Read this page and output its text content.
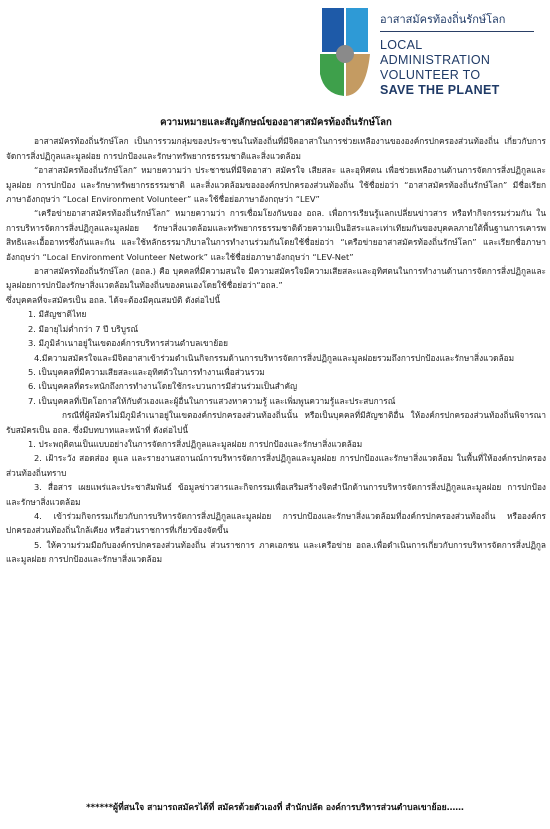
อาสาสมัครท้องถิ่นรักษ์โลก
LOCAL
ADMINISTRATION
VOLUNTEER TO
SAVE THE PLANET
ความหมายและสัญลักษณ์ของอาสาสมัครท้องถิ่นรักษ์โลก

อาสาสมัครท้องถิ่นรักษ์โลก เป็นการรวมกลุ่มของประชาชนในท้องถิ่นที่มีจิตอาสาในการช่วยเหลืองานขององค์กรปกครองส่วนท้องถิ่น เกี่ยวกับการจัดการสิ่งปฏิกูลและมูลฝอย การปกป้องและรักษาทรัพยากรธรรมชาติและสิ่งแวดล้อม

“อาสาสมัครท้องถิ่นรักษ์โลก” หมายความว่า ประชาชนที่มีจิตอาสา สมัครใจ เสียสละ และอุทิศตน เพื่อช่วยเหลืองานด้านการจัดการสิ่งปฏิกูลและมูลฝอย การปกป้อง และรักษาทรัพยากรธรรมชาติ และสิ่งแวดล้อมขององค์กรปกครองส่วนท้องถิ่น ใช้ชื่อย่อว่า “อาสาสมัครท้องถิ่นรักษ์โลก” มีชื่อเรียกภาษาอังกฤษว่า “Local Environment Volunteer” และใช้ชื่อย่อภาษาอังกฤษว่า “LEV”

“เครือข่ายอาสาสมัครท้องถิ่นรักษ์โลก” หมายความว่า การเชื่อมโยงกันของ อถล. เพื่อการเรียนรู้แลกเปลี่ยนข่าวสาร หรือทำกิจกรรมร่วมกัน ในการบริหารจัดการสิ่งปฏิกูลและมูลฝอย รักษาสิ่งแวดล้อมและทรัพยากรธรรมชาติด้วยความเป็นอิสระและเท่าเทียมกันของบุคคลภายใต้พื้นฐานการเคารพสิทธิและเอื้ออาทรซึ่งกันและกัน และใช้หลักธรรมาภิบาลในการทำงานร่วมกันโดยใช้ชื่อย่อว่า “เครือข่ายอาสาสมัครท้องถิ่นรักษ์โลก” และเรียกชื่อภาษาอังกฤษว่า “Local Environment Volunteer Network” และใช้ชื่อย่อภาษาอังกฤษว่า “LEV-Net”

อาสาสมัครท้องถิ่นรักษ์โลก (อถล.) คือ บุคคลที่มีความสนใจ มีความสมัครใจมีความเสียสละและอุทิศตนในการทำงานด้านการจัดการสิ่งปฏิกูลและมูลฝอยการปกป้องรักษาสิ่งแวดล้อมในท้องถิ่นของตนเองโดยใช้ชื่อย่อว่า“อถล.”

ซึ่งบุคคลที่จะสมัครเป็น อถล. ได้จะต้องมีคุณสมบัติ ดังต่อไปนี้

1. มีสัญชาติไทย

2. มีอายุไม่ต่ำกว่า 7 ปี บริบูรณ์

3. มีภูมิลำเนาอยู่ในเขตองค์การบริหารส่วนตำบลเขาย้อย

4.มีความสมัครใจและมีจิตอาสาเข้าร่วมดำเนินกิจกรรมด้านการบริหารจัดการสิ่งปฏิกูลและมูลฝอยรวมถึงการปกป้องและรักษาสิ่งแวดล้อม

5. เป็นบุคคลที่มีความเสียสละและอุทิศตัวในการทำงานเพื่อส่วนรวม

6. เป็นบุคคลที่ตระหนักถึงการทำงานโดยใช้กระบวนการมีส่วนร่วมเป็นสำคัญ

7. เป็นบุคคลที่เปิดโอกาสให้กับตัวเองและผู้อื่นในการแสวงหาความรู้ และเพิ่มพูนความรู้และประสบการณ์

กรณีที่ผู้สมัครไม่มีภูมิลำเนาอยู่ในเขตองค์กรปกครองส่วนท้องถิ่นนั้น หรือเป็นบุคคลที่มีสัญชาติอื่น ให้องค์กรปกครองส่วนท้องถิ่นพิจารณารับสมัครเป็น อถล. ซึ่งมีบทบาทและหน้าที่ ดังต่อไปนี้

1. ประพฤติตนเป็นแบบอย่างในการจัดการสิ่งปฏิกูลและมูลฝอย การปกป้องและรักษาสิ่งแวดล้อม

2. เฝ้าระวัง สอดส่อง ดูแล และรายงานสถานณ์การบริหารจัดการสิ่งปฏิกูลและมูลฝอย การปกป้องและรักษาสิ่งแวดล้อม ในพื้นที่ให้องค์กรปกครองส่วนท้องถิ่นทราบ

3. สื่อสาร เผยแพร่และประชาสัมพันธ์ ข้อมูลข่าวสารและกิจกรรมเพื่อเสริมสร้างจิตสำนึกด้านการบริหารจัดการสิ่งปฏิกูลและมูลฝอย การปกป้องและรักษาสิ่งแวดล้อม

4. เข้าร่วมกิจกรรมเกี่ยวกับการบริหารจัดการสิ่งปฏิกูลและมูลฝอย การปกป้องและรักษาสิ่งแวดล้อมที่องค์กรปกครองส่วนท้องถิ่น หรือองค์กรปกครองส่วนท้องถิ่นใกล้เคียง หรือส่วนราชการที่เกี่ยวข้องจัดขึ้น

5. ให้ความร่วมมือกับองค์กรปกครองส่วนท้องถิ่น ส่วนราชการ ภาคเอกชน และเครือข่าย อถล.เพื่อดำเนินการเกี่ยวกับการบริหารจัดการสิ่งปฏิกูลและมูลฝอย การปกป้องและรักษาสิ่งแวดล้อม

******ผู้ที่สนใจ สามารถสมัครได้ที่ สมัครด้วยตัวเองที่ สำนักปลัด องค์การบริหารส่วนตำบลเขาย้อย……
